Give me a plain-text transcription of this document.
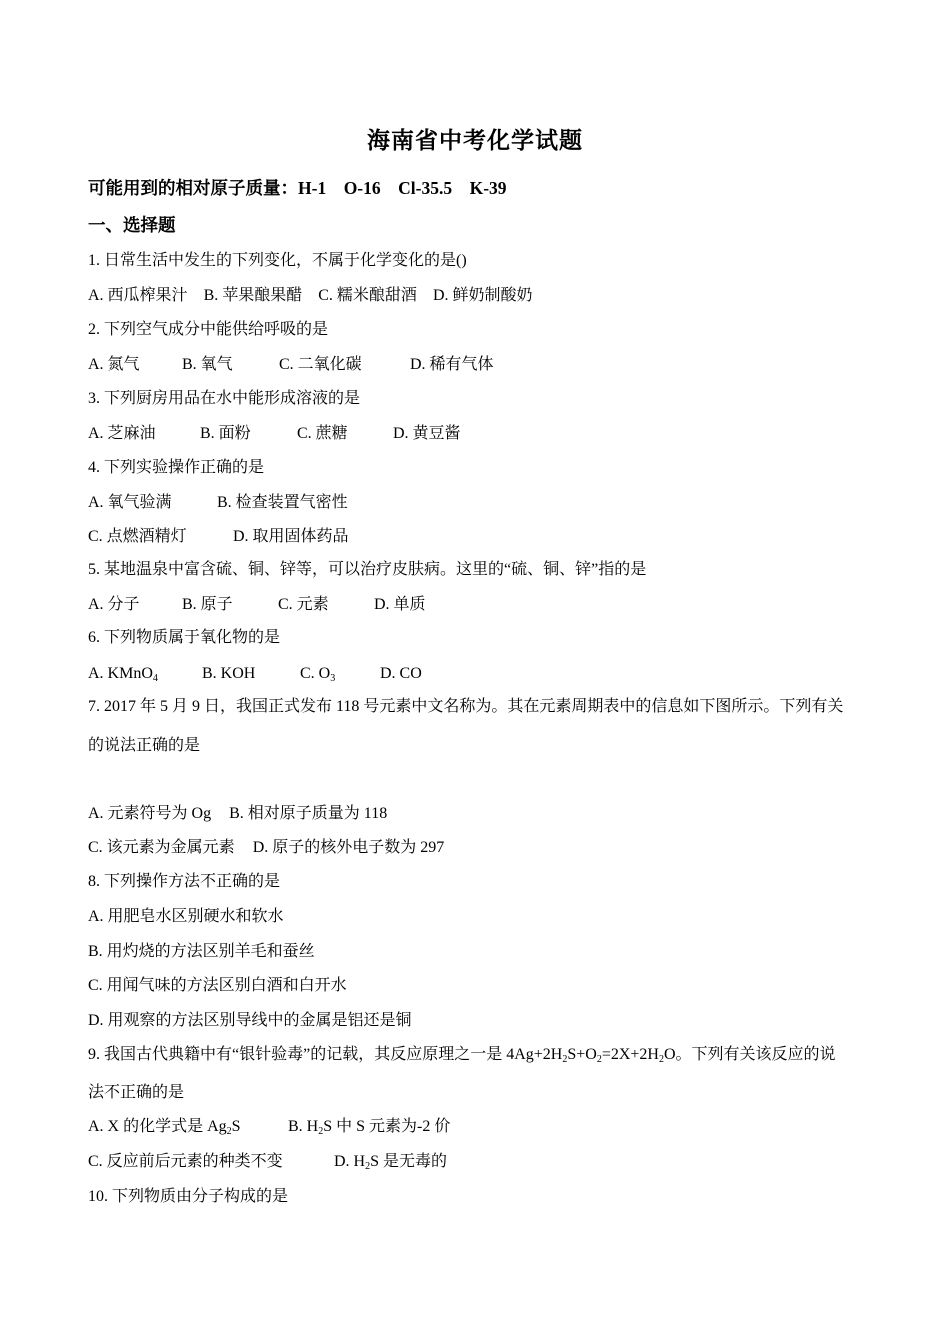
海南省中考化学试题
可能用到的相对原子质量：H-1　O-16　Cl-35.5　K-39
一、选择题
1. 日常生活中发生的下列变化，不属于化学变化的是()
A. 西瓜榨果汁 B. 苹果酿果醋 C. 糯米酿甜酒 D. 鲜奶制酸奶
2. 下列空气成分中能供给呼吸的是
A. 氮气	B. 氧气	C. 二氧化碳	D. 稀有气体
3. 下列厨房用品在水中能形成溶液的是
A. 芝麻油	B. 面粉	C. 蔗糖	D. 黄豆酱
4. 下列实验操作正确的是
A. 氧气验满	B. 检查装置气密性
C. 点燃酒精灯	D. 取用固体药品
5. 某地温泉中富含硫、铜、锌等，可以治疗皮肤病。这里的“硫、铜、锌”指的是
A. 分子	B. 原子	C. 元素	D. 单质
6. 下列物质属于氧化物的是
A. KMnO$_4$	B. KOH	C. $O_3$	D. CO
7. 2017 年 5 月 9 日，我国正式发布 118 号元素中文名称为。其在元素周期表中的信息如下图所示。下列有关
的说法正确的是
A. 元素符号为 Og B. 相对原子质量为 118
C. 该元素为金属元素 D. 原子的核外电子数为 297
8. 下列操作方法不正确的是
A. 用肥皂水区别硬水和软水
B. 用灼烧的方法区别羊毛和蚕丝
C. 用闻气味的方法区别白酒和白开水
D. 用观察的方法区别导线中的金属是铝还是铜
9. 我国古代典籍中有“银针验毒”的记载，其反应原理之一是 $4Ag+2H_2S+O_2=2X+2H_2O$。下列有关该反应的说
法不正确的是
A. X 的化学式是 $Ag_2S$	B. $H_2S$ 中 S 元素为-2 价
C. 反应前后元素的种类不变	D. $H_2S$ 是无毒的
10. 下列物质由分子构成的是
